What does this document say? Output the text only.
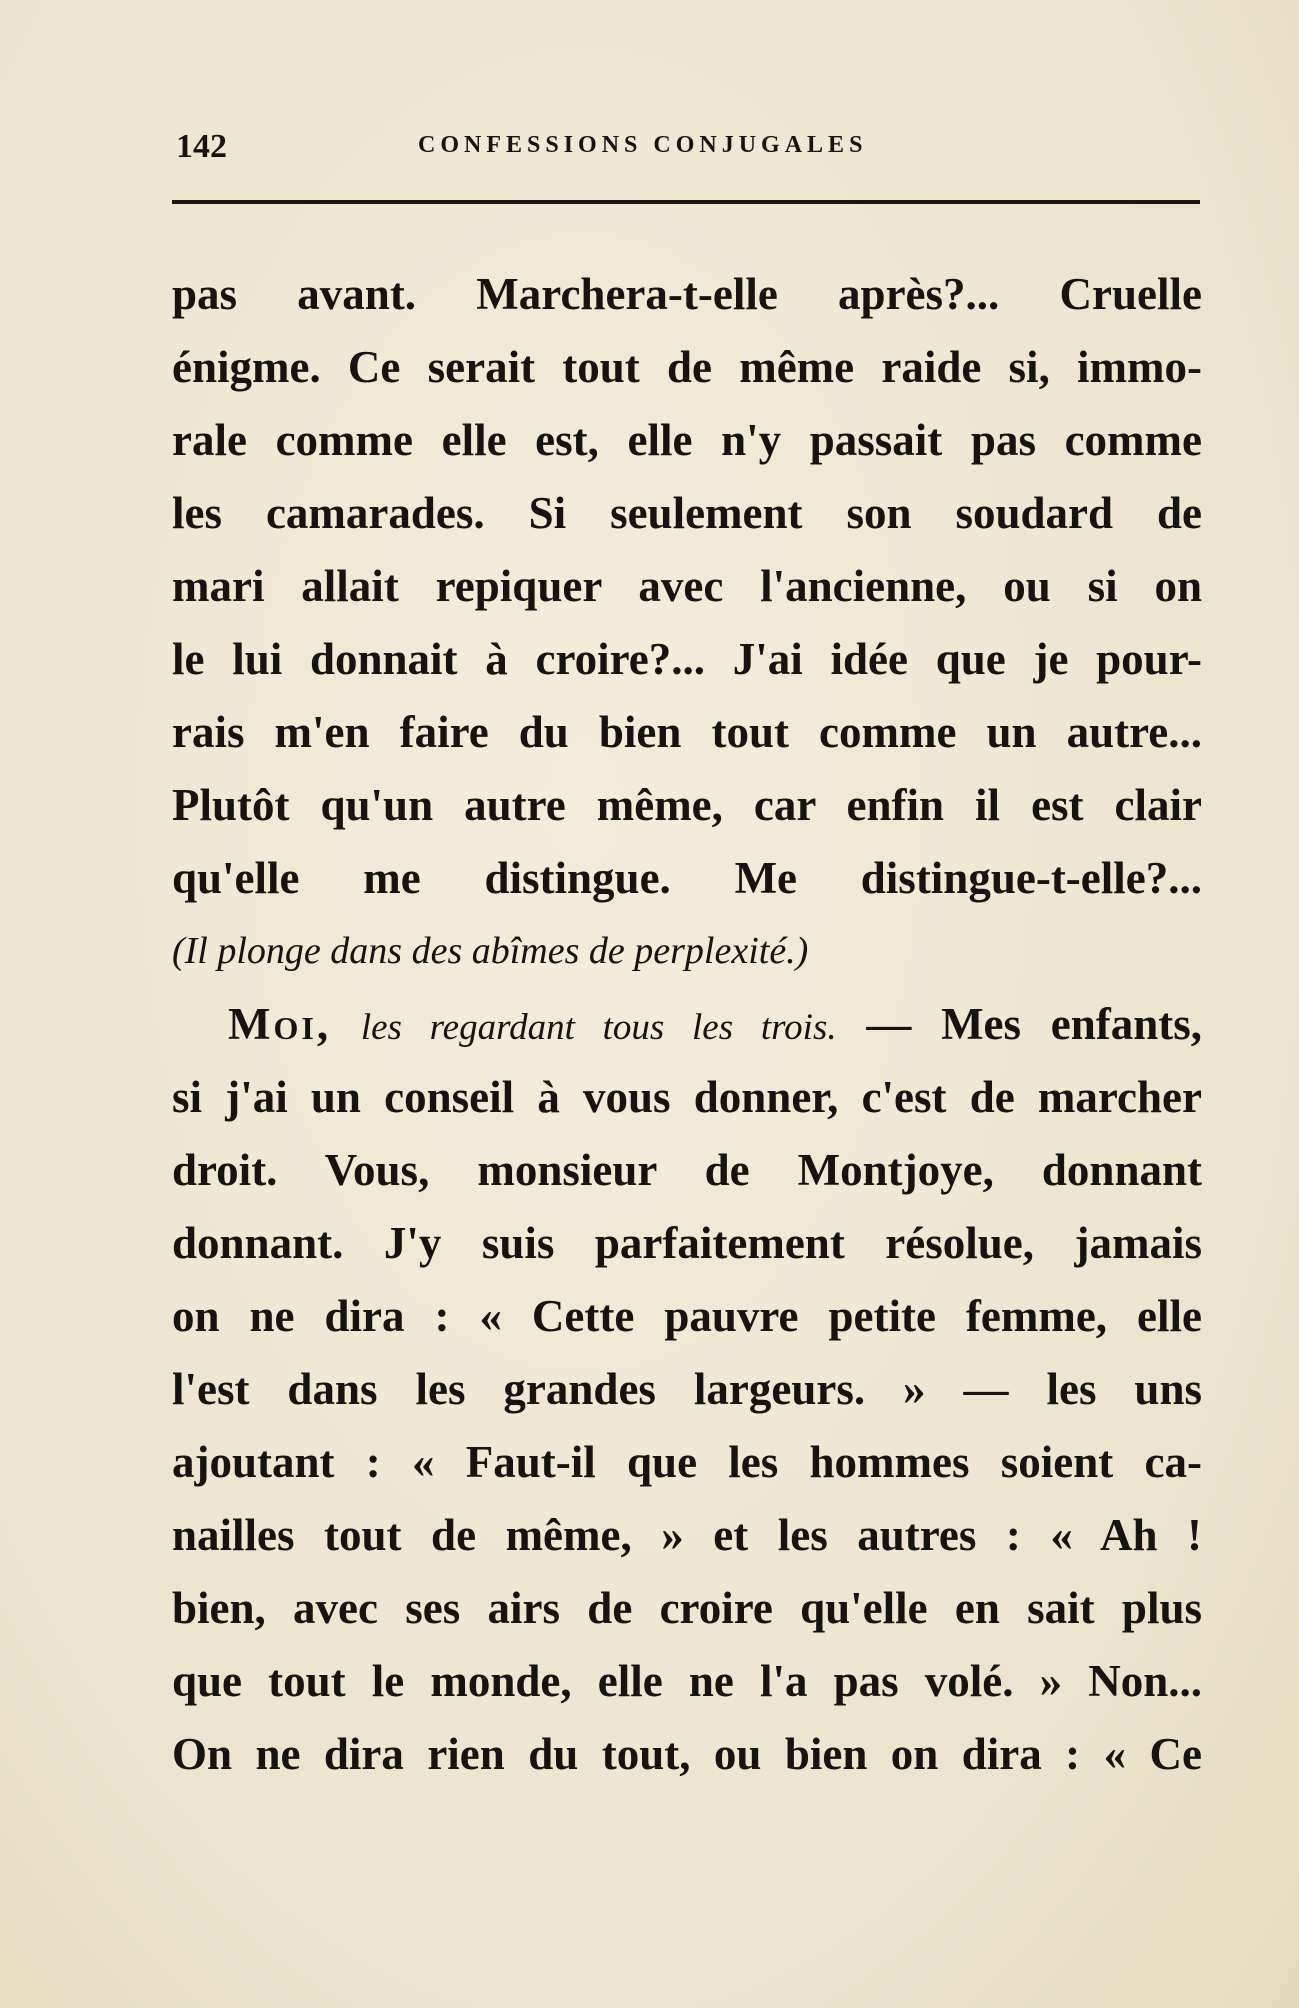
142	CONFESSIONS CONJUGALES
pas avant. Marchera-t-elle après?... Cruelle
énigme. Ce serait tout de même raide si, immo-
rale comme elle est, elle n'y passait pas comme
les camarades. Si seulement son soudard de
mari allait repiquer avec l'ancienne, ou si on
le lui donnait à croire?... J'ai idée que je pour-
rais m'en faire du bien tout comme un autre...
Plutôt qu'un autre même, car enfin il est clair
qu'elle me distingue. Me distingue-t-elle?...
(Il plonge dans des abîmes de perplexité.)
Moi, les regardant tous les trois. — Mes enfants,
si j'ai un conseil à vous donner, c'est de marcher
droit. Vous, monsieur de Montjoye, donnant
donnant. J'y suis parfaitement résolue, jamais
on ne dira : « Cette pauvre petite femme, elle
l'est dans les grandes largeurs. » — les uns
ajoutant : « Faut-il que les hommes soient ca-
nailles tout de même, » et les autres : « Ah !
bien, avec ses airs de croire qu'elle en sait plus
que tout le monde, elle ne l'a pas volé. » Non...
On ne dira rien du tout, ou bien on dira : « Ce
